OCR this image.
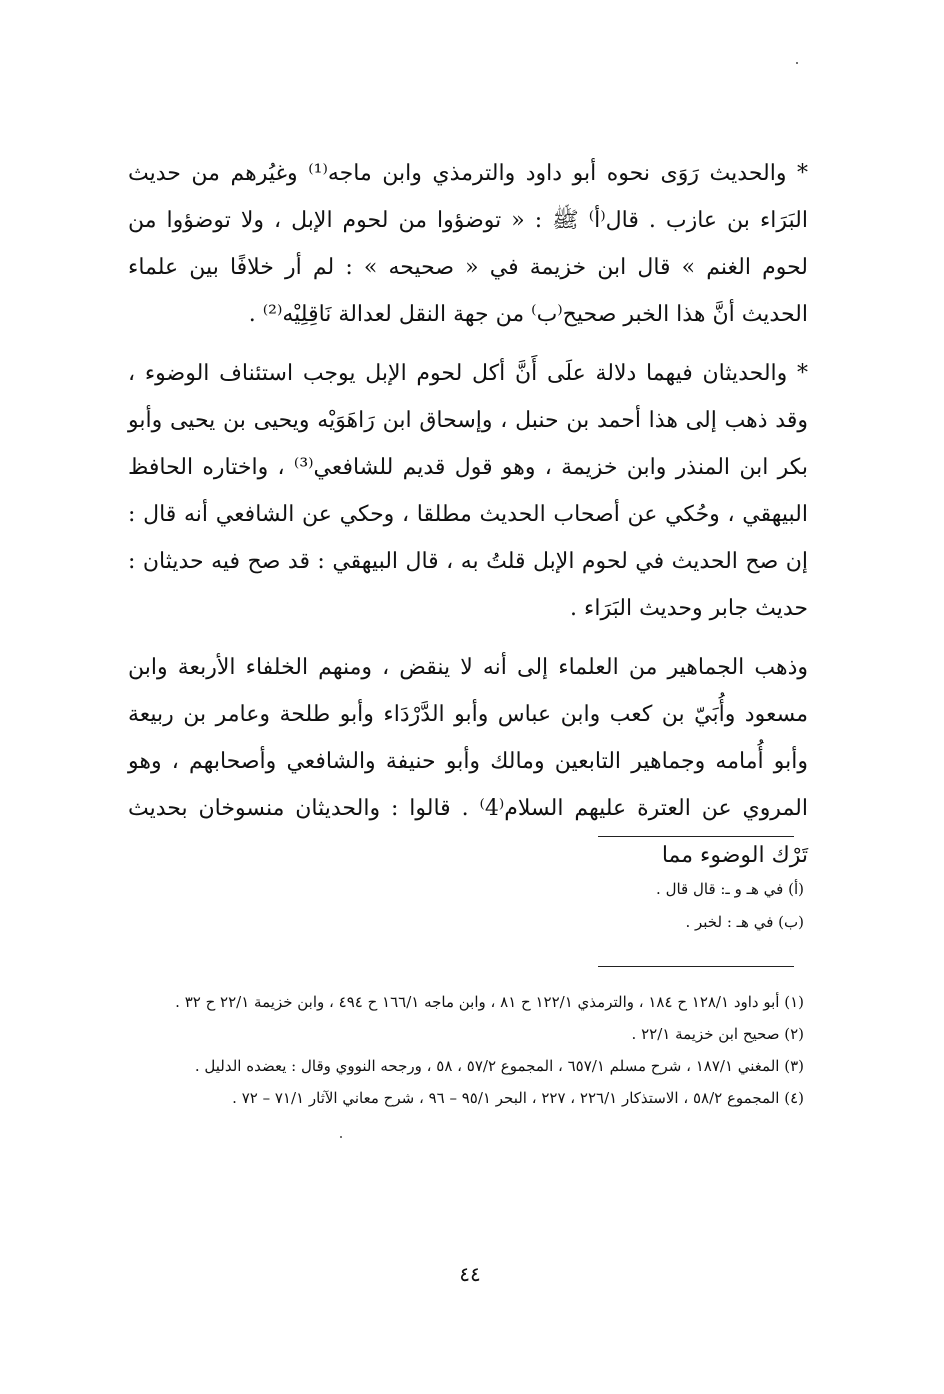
* والحديث رَوَى نحوه أبو داود والترمذي وابن ماجه⁽¹⁾ وغيُرهم من حديث البَرَاء بن عازب . قال⁽أ⁾ ﷺ : « توضؤوا من لحوم الإبل ، ولا توضؤوا من لحوم الغنم » قال ابن خزيمة في « صحيحه » : لم أر خلافًا بين علماء الحديث أنَّ هذا الخبر صحيح⁽ب⁾ من جهة النقل لعدالة نَاقِلِيْه⁽²⁾ .

* والحديثان فيهما دلالة علَى أَنَّ أكل لحوم الإبل يوجب استئناف الوضوء ، وقد ذهب إلى هذا أحمد بن حنبل ، وإسحاق ابن رَاهَوَيْه ويحيى بن يحيى وأبو بكر ابن المنذر وابن خزيمة ، وهو قول قديم للشافعي⁽³⁾ ، واختاره الحافظ البيهقي ، وحُكي عن أصحاب الحديث مطلقا ، وحكي عن الشافعي أنه قال : إن صح الحديث في لحوم الإبل قلتُ به ، قال البيهقي : قد صح فيه حديثان : حديث جابر وحديث البَرَاء .

وذهب الجماهير من العلماء إلى أنه لا ينقض ، ومنهم الخلفاء الأربعة وابن مسعود وأُبَيّ بن كعب وابن عباس وأبو الدَّرْدَاء وأبو طلحة وعامر بن ربيعة وأبو أُمامه وجماهير التابعين ومالك وأبو حنيفة والشافعي وأصحابهم ، وهو المروي عن العترة عليهم السلام⁽4⁾ . قالوا : والحديثان منسوخان بحديث تَرْك الوضوء مما

(أ) في هـ و ـ: قال قال .
(ب) في هـ : لخبر .
(١) أبو داود ١٢٨/١ ح ١٨٤ ، والترمذي ١٢٢/١ ح ٨١ ، وابن ماجه ١٦٦/١ ح ٤٩٤ ، وابن خزيمة ٢٢/١ ح ٣٢ .
(٢) صحيح ابن خزيمة ٢٢/١ .
(٣) المغني ١٨٧/١ ، شرح مسلم ٦٥٧/١ ، المجموع ٥٧/٢ ، ٥٨ ، ورجحه النووي وقال : يعضده الدليل .
(٤) المجموع ٥٨/٢ ، الاستذكار ٢٢٦/١ ، ٢٢٧ ، البحر ٩٥/١ – ٩٦ ، شرح معاني الآثار ٧١/١ – ٧٢ .
٤٤
